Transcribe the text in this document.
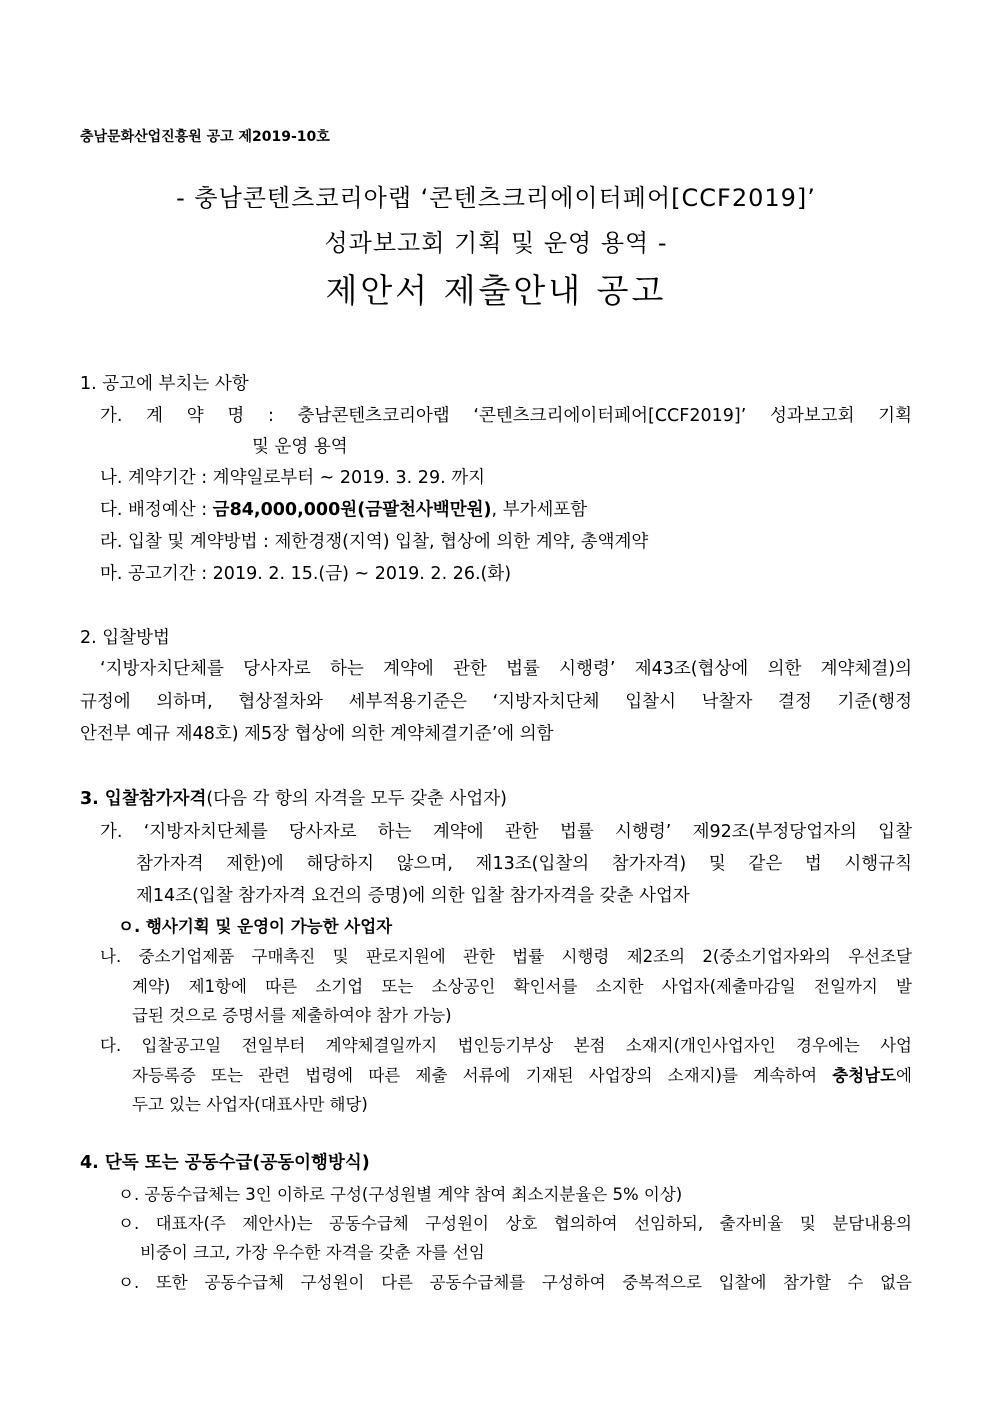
충남문화산업진흥원 공고 제2019-10호
- 충남콘텐츠코리아랩 ‘콘텐츠크리에이터페어[CCF2019]’
성과보고회 기획 및 운영 용역 -
제안서 제출안내 공고
1. 공고에 부치는 사항
가. 계 약 명 : 충남콘텐츠코리아랩 ‘콘텐츠크리에이터페어[CCF2019]’ 성과보고회 기획
및 운영 용역
나. 계약기간 : 계약일로부터 ~ 2019. 3. 29. 까지
다. 배정예산 : 금84,000,000원(금팔천사백만원), 부가세포함
라. 입찰 및 계약방법 : 제한경쟁(지역) 입찰, 협상에 의한 계약, 총액계약
마. 공고기간 : 2019. 2. 15.(금) ~ 2019. 2. 26.(화)
2. 입찰방법
‘지방자치단체를 당사자로 하는 계약에 관한 법률 시행령’ 제43조(협상에 의한 계약체결)의
규정에 의하며, 협상절차와 세부적용기준은 ‘지방자치단체 입찰시 낙찰자 결정 기준(행정
안전부 예규 제48호) 제5장 협상에 의한 계약체결기준’에 의함
3. 입찰참가자격(다음 각 항의 자격을 모두 갖춘 사업자)
가. ‘지방자치단체를 당사자로 하는 계약에 관한 법률 시행령’ 제92조(부정당업자의 입찰
참가자격 제한)에 해당하지 않으며, 제13조(입찰의 참가자격) 및 같은 법 시행규칙
제14조(입찰 참가자격 요건의 증명)에 의한 입찰 참가자격을 갖춘 사업자
ㅇ. 행사기획 및 운영이 가능한 사업자
나. 중소기업제품 구매촉진 및 판로지원에 관한 법률 시행령 제2조의 2(중소기업자와의 우선조달
계약) 제1항에 따른 소기업 또는 소상공인 확인서를 소지한 사업자(제출마감일 전일까지 발
급된 것으로 증명서를 제출하여야 참가 가능)
다. 입찰공고일 전일부터 계약체결일까지 법인등기부상 본점 소재지(개인사업자인 경우에는 사업
자등록증 또는 관련 법령에 따른 제출 서류에 기재된 사업장의 소재지)를 계속하여 충청남도에
두고 있는 사업자(대표사만 해당)
4. 단독 또는 공동수급(공동이행방식)
ㅇ. 공동수급체는 3인 이하로 구성(구성원별 계약 참여 최소지분율은 5% 이상)
ㅇ. 대표자(주 제안사)는 공동수급체 구성원이 상호 협의하여 선임하되, 출자비율 및 분담내용의
비중이 크고, 가장 우수한 자격을 갖춘 자를 선임
ㅇ. 또한 공동수급체 구성원이 다른 공동수급체를 구성하여 중복적으로 입찰에 참가할 수 없음
